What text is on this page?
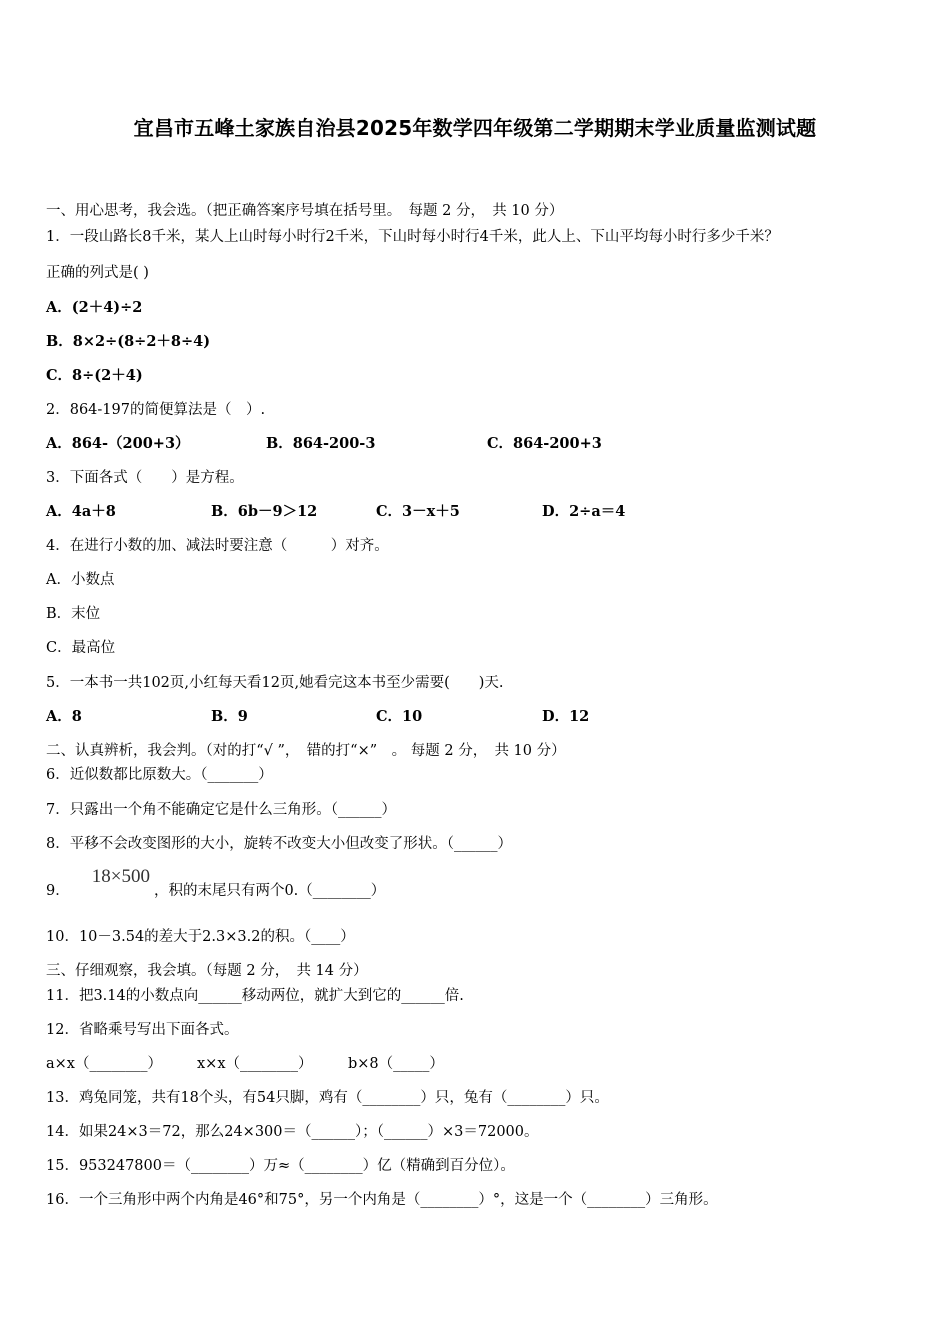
宜昌市五峰土家族自治县2025年数学四年级第二学期期末学业质量监测试题
一、用心思考，我会选。（把正确答案序号填在括号里。　每题 2 分，　共 10 分）
1．一段山路长8千米，某人上山时每小时行2千米，下山时每小时行4千米，此人上、下山平均每小时行多少千米？
正确的列式是( )
A．(2＋4)÷2
B．8×2÷(8÷2＋8÷4)
C．8÷(2＋4)
2．864-197的简便算法是（　）.
A．864-（200+3）	B．864-200-3	C．864-200+3
3．下面各式（　　）是方程。
A．4a＋8	B．6b－9＞12	C．3－x＋5	D．2÷a＝4
4．在进行小数的加、减法时要注意（　　　）对齐。
A．小数点
B．末位
C．最高位
5．一本书一共102页,小红每天看12页,她看完这本书至少需要(　　)天.
A．8	B．9	C．10	D．12
二、认真辨析，我会判。（对的打“√ ”，　错的打“×”　。 每题 2 分，　共 10 分）
6．近似数都比原数大。（_______）
7．只露出一个角不能确定它是什么三角形。（______）
8．平移不会改变图形的大小，旋转不改变大小但改变了形状。（______）
9．18×500，积的末尾只有两个0.（________）
10．10－3.54的差大于2.3×3.2的积。（____）
三、仔细观察，我会填。（每题 2 分，　共 14 分）
11．把3.14的小数点向______移动两位，就扩大到它的______倍.
12．省略乘号写出下面各式。
a×x（________） x×x（________） b×8（_____）
13．鸡兔同笼，共有18个头，有54只脚，鸡有（________）只，兔有（________）只。
14．如果24×3＝72，那么24×300＝（______）；（______）×3＝72000。
15．953247800＝（________）万≈（________）亿（精确到百分位）。
16．一个三角形中两个内角是46°和75°，另一个内角是（________）°，这是一个（________）三角形。
